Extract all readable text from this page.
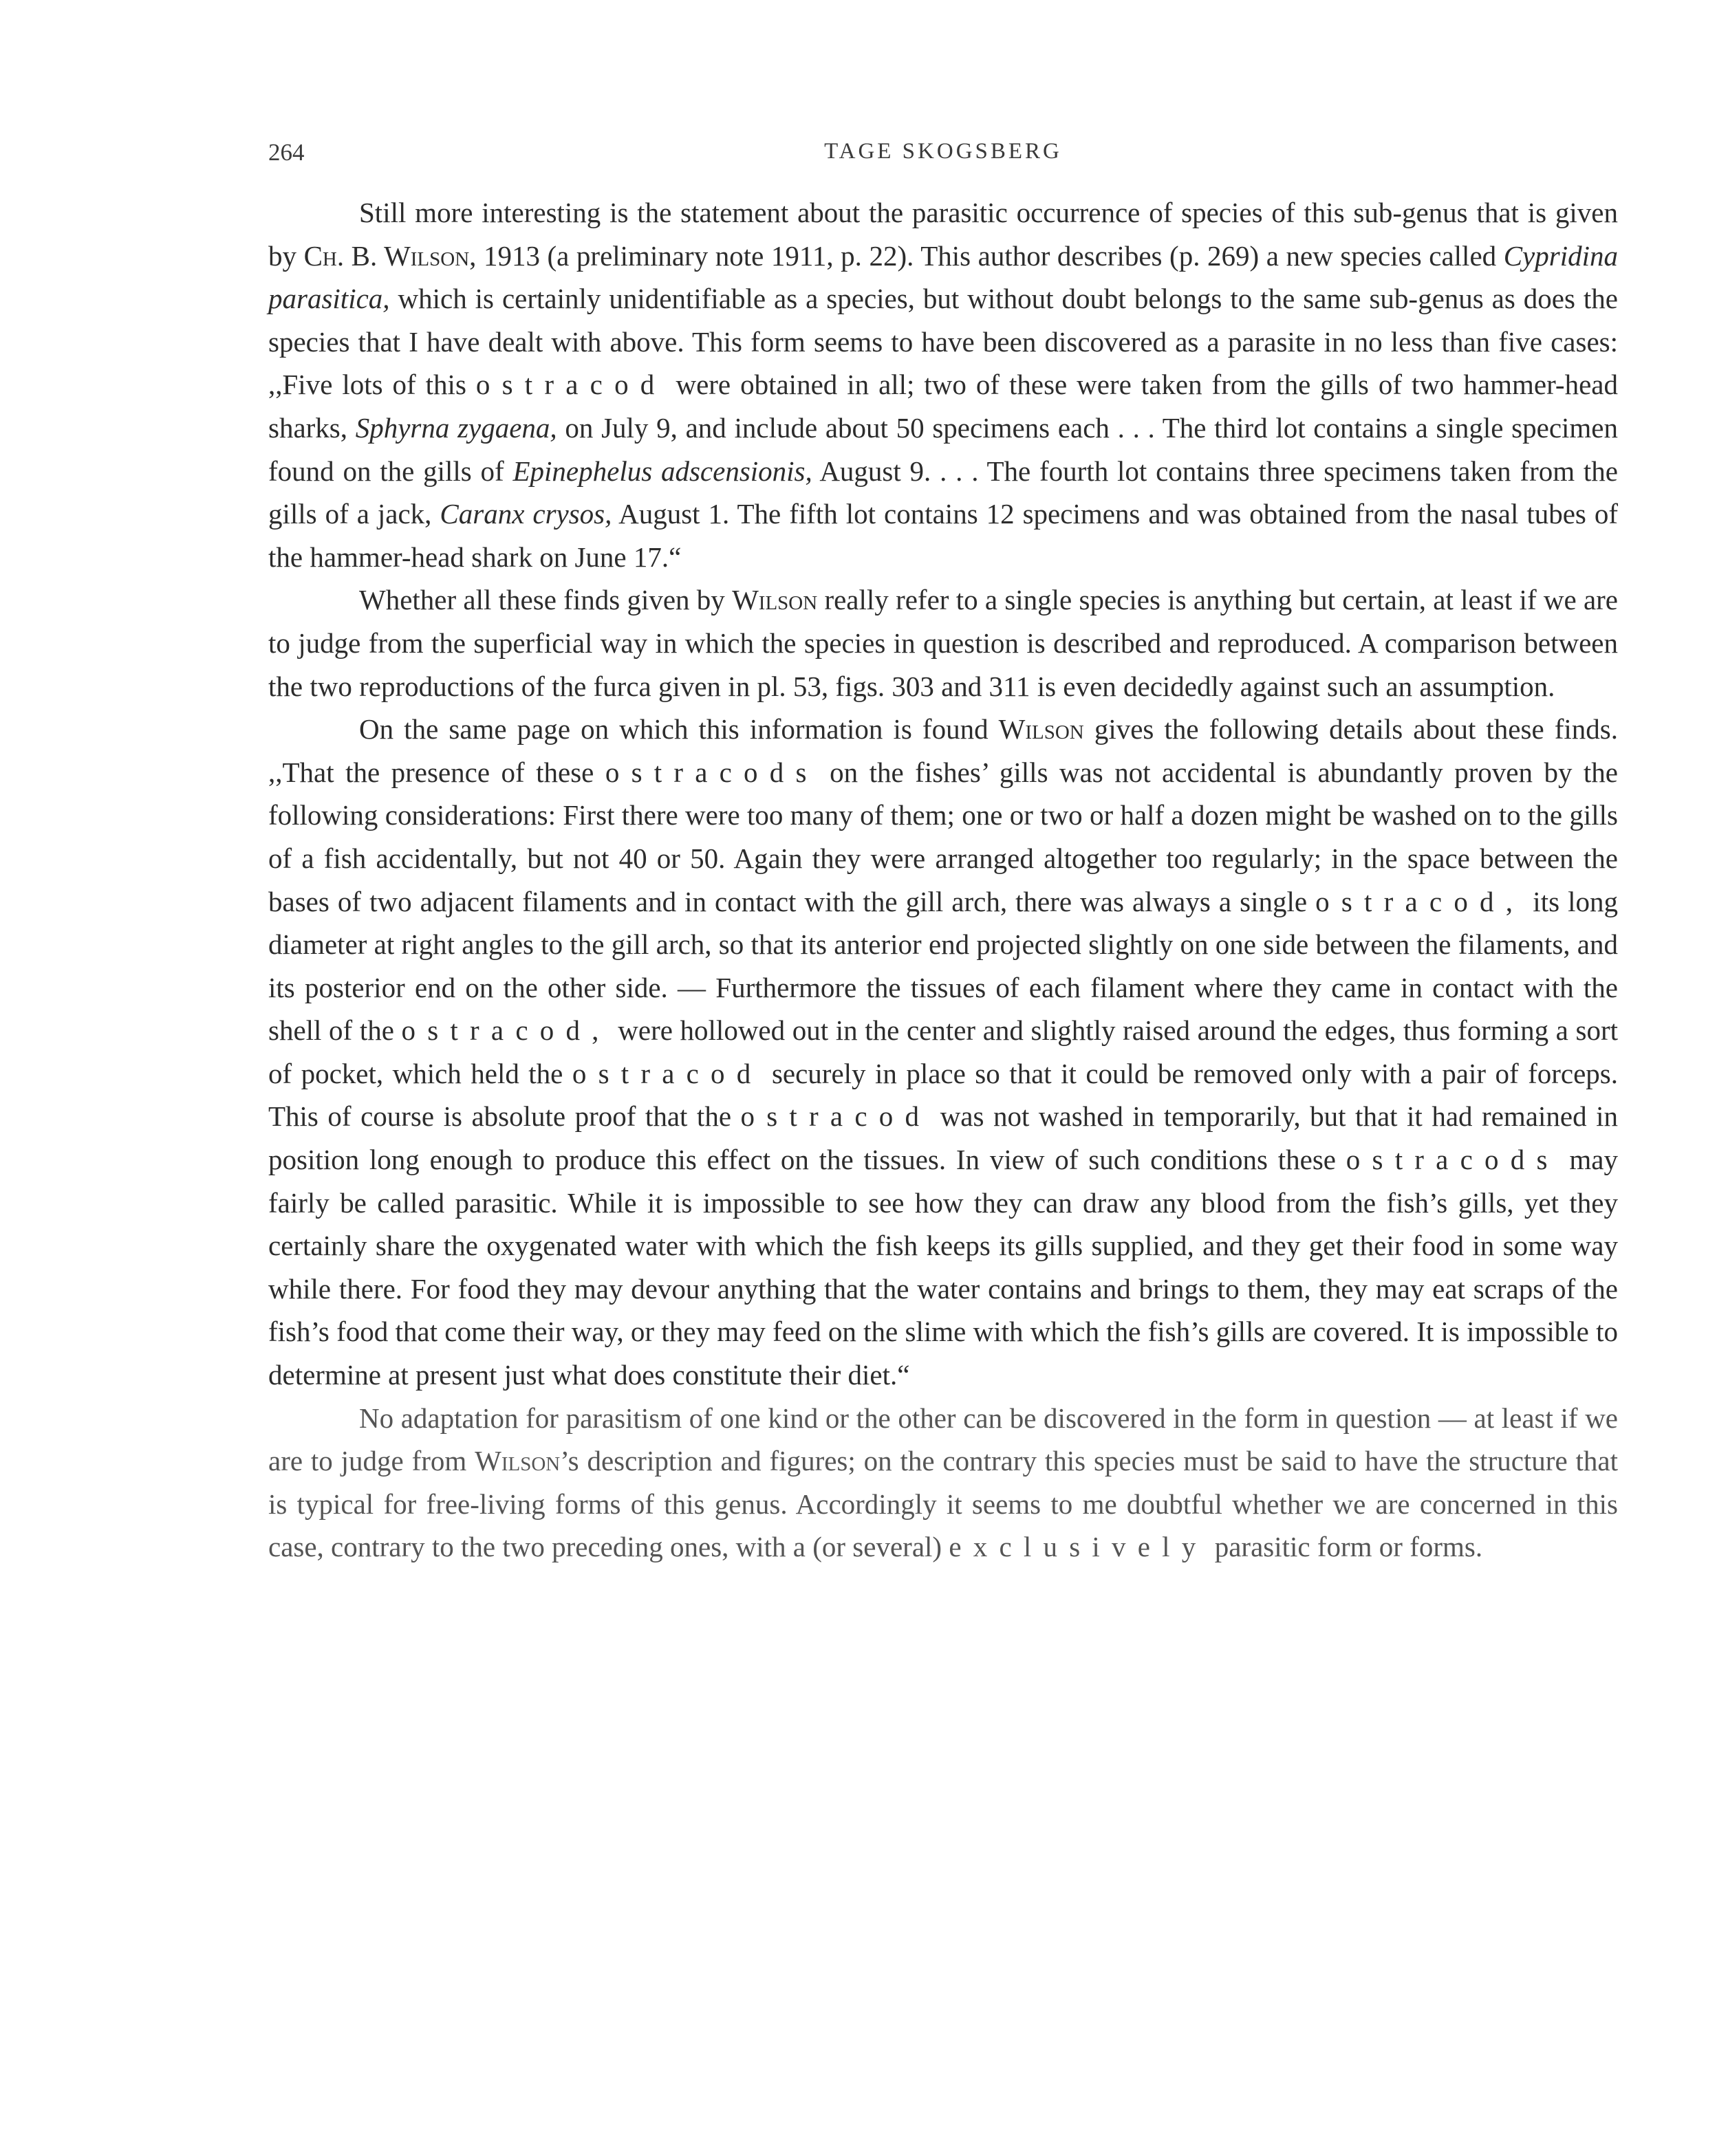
264	TAGE SKOGSBERG

Still more interesting is the statement about the parasitic occurrence of species of this sub-genus that is given by Ch. B. Wilson, 1913 (a preliminary note 1911, p. 22). This author describes (p. 269) a new species called Cypridina parasitica, which is certainly unidentifiable as a species, but without doubt belongs to the same sub-genus as does the species that I have dealt with above. This form seems to have been discovered as a parasite in no less than five cases: ,,Five lots of this ostracod were obtained in all; two of these were taken from the gills of two hammer-head sharks, Sphyrna zygaena, on July 9, and include about 50 specimens each . . . The third lot contains a single specimen found on the gills of Epinephelus adscensionis, August 9. . . . The fourth lot contains three specimens taken from the gills of a jack, Caranx crysos, August 1. The fifth lot contains 12 specimens and was obtained from the nasal tubes of the hammer-head shark on June 17.“

Whether all these finds given by Wilson really refer to a single species is anything but certain, at least if we are to judge from the superficial way in which the species in question is described and reproduced. A comparison between the two reproductions of the furca given in pl. 53, figs. 303 and 311 is even decidedly against such an assumption.

On the same page on which this information is found Wilson gives the following details about these finds. ,,That the presence of these ostracods on the fishes’ gills was not accidental is abundantly proven by the following considerations: First there were too many of them; one or two or half a dozen might be washed on to the gills of a fish accidentally, but not 40 or 50. Again they were arranged altogether too regularly; in the space between the bases of two adjacent filaments and in contact with the gill arch, there was always a single ostracod, its long diameter at right angles to the gill arch, so that its anterior end projected slightly on one side between the filaments, and its posterior end on the other side. — Furthermore the tissues of each filament where they came in contact with the shell of the ostracod, were hollowed out in the center and slightly raised around the edges, thus forming a sort of pocket, which held the ostracod securely in place so that it could be removed only with a pair of forceps. This of course is absolute proof that the ostracod was not washed in temporarily, but that it had remained in position long enough to produce this effect on the tissues. In view of such conditions these ostracods may fairly be called parasitic. While it is impossible to see how they can draw any blood from the fish’s gills, yet they certainly share the oxygenated water with which the fish keeps its gills supplied, and they get their food in some way while there. For food they may devour anything that the water contains and brings to them, they may eat scraps of the fish’s food that come their way, or they may feed on the slime with which the fish’s gills are covered. It is impossible to determine at present just what does constitute their diet.“

No adaptation for parasitism of one kind or the other can be discovered in the form in question — at least if we are to judge from Wilson’s description and figures; on the contrary this species must be said to have the structure that is typical for free-living forms of this genus. Accordingly it seems to me doubtful whether we are concerned in this case, contrary to the two preceding ones, with a (or several) exclusively parasitic form or forms.
